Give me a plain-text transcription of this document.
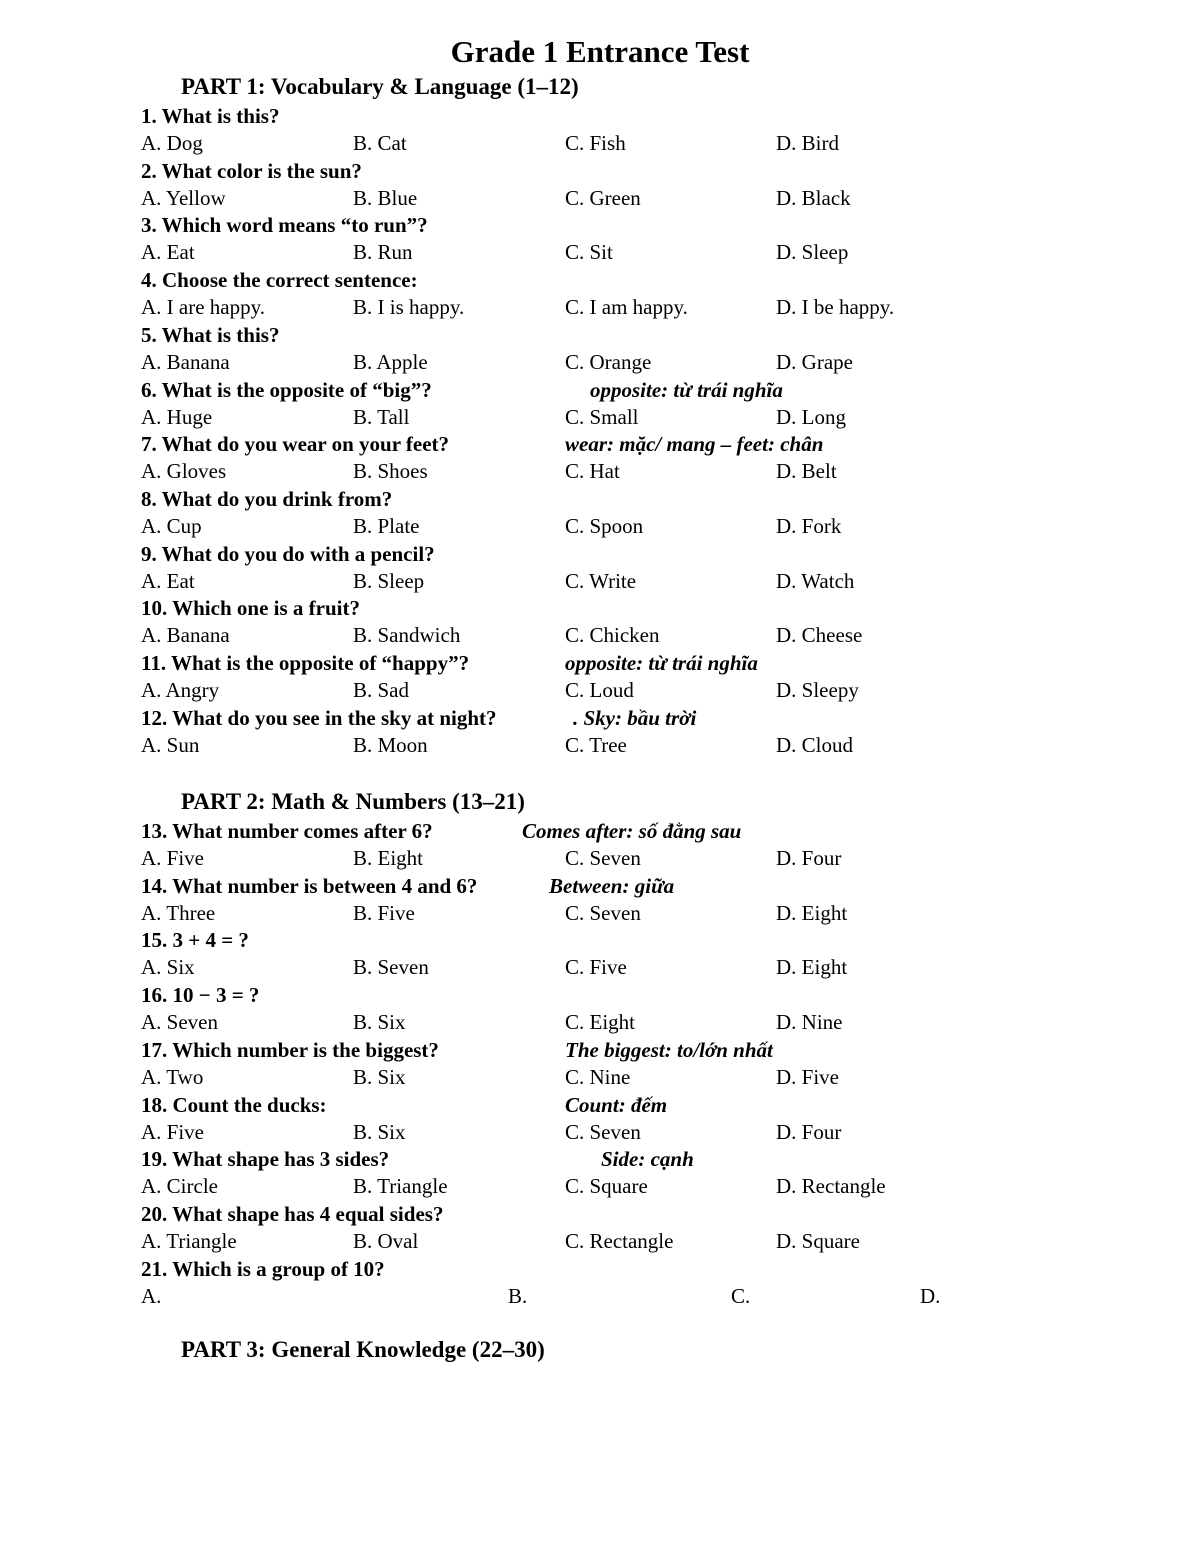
Grade 1 Entrance Test
PART 1: Vocabulary & Language (1–12)
1. What is this?
A. Dog	B. Cat	C. Fish	D. Bird
2. What color is the sun?
A. Yellow	B. Blue	C. Green	D. Black
3. Which word means “to run”?
A. Eat	B. Run	C. Sit	D. Sleep
4. Choose the correct sentence:
A. I are happy.	B. I is happy.	C. I am happy.	D. I be happy.
5. What is this?
A. Banana	B. Apple	C. Orange	D. Grape
6. What is the opposite of “big”?	opposite: từ trái nghĩa
A. Huge	B. Tall	C. Small	D. Long
7. What do you wear on your feet?	wear: mặc/ mang – feet: chân
A. Gloves	B. Shoes	C. Hat	D. Belt
8. What do you drink from?
A. Cup	B. Plate	C. Spoon	D. Fork
9. What do you do with a pencil?
A. Eat	B. Sleep	C. Write	D. Watch
10. Which one is a fruit?
A. Banana	B. Sandwich	C. Chicken	D. Cheese
11. What is the opposite of “happy”?	opposite: từ trái nghĩa
A. Angry	B. Sad	C. Loud	D. Sleepy
12. What do you see in the sky at night?	. Sky: bầu trời
A. Sun	B. Moon	C. Tree	D. Cloud
PART 2: Math & Numbers (13–21)
13. What number comes after 6?	Comes after: số đằng sau
A. Five	B. Eight	C. Seven	D. Four
14. What number is between 4 and 6?	Between: giữa
A. Three	B. Five	C. Seven	D. Eight
15. 3 + 4 = ?
A. Six	B. Seven	C. Five	D. Eight
16. 10 − 3 = ?
A. Seven	B. Six	C. Eight	D. Nine
17. Which number is the biggest?	The biggest: to/lớn nhất
A. Two	B. Six	C. Nine	D. Five
18. Count the ducks:	Count: đếm
A. Five	B. Six	C. Seven	D. Four
19. What shape has 3 sides?	Side: cạnh
A. Circle	B. Triangle	C. Square	D. Rectangle
20. What shape has 4 equal sides?
A. Triangle	B. Oval	C. Rectangle	D. Square
21. Which is a group of 10?
A.	B.	C.	D.
PART 3: General Knowledge (22–30)
